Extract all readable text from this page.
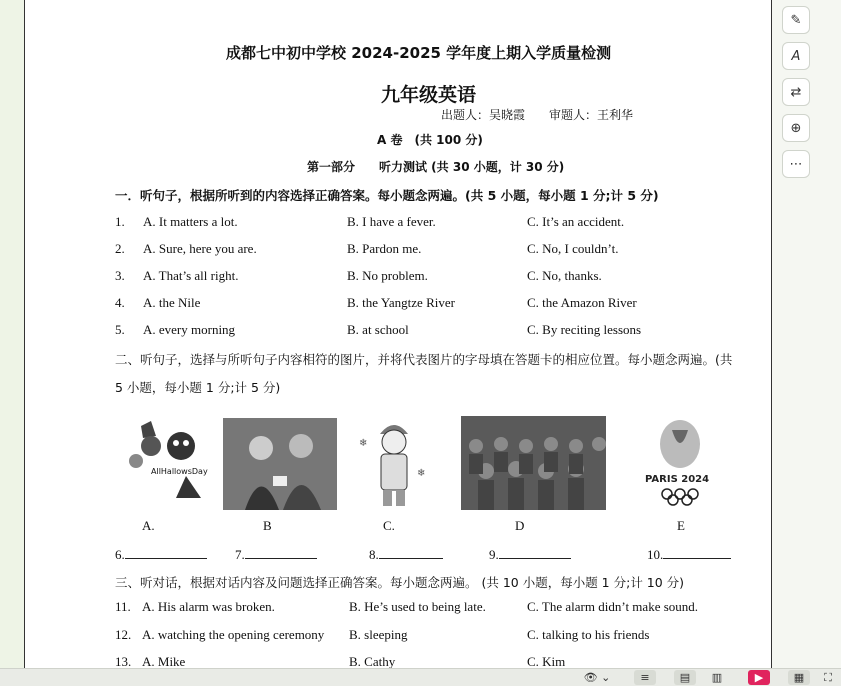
成都七中初中学校 2024-2025 学年度上期入学质量检测
九年级英语
出题人：吴晓霞　　审题人：王利华
A 卷　(共 100 分)
第一部分　　听力测试 (共 30 小题，计 30 分)
一．听句子，根据所听到的内容选择正确答案。每小题念两遍。(共 5 小题，每小题 1 分;计 5 分)
1. A. It matters a lot.	B. I have a fever.	C. It’s an accident.
2. A. Sure, here you are.	B. Pardon me.	C. No, I couldn’t.
3. A. That’s all right.	B. No problem.	C. No, thanks.
4. A. the Nile	B. the Yangtze River	C. the Amazon River
5. A. every morning	B. at school	C. By reciting lessons
二、听句子，选择与所听句子内容相符的图片，并将代表图片的字母填在答题卡的相应位置。每小题念两遍。(共
5 小题，每小题 1 分;计 5 分)
AllHallowsDay
❄
❄
PARIS 2024
A.	B	C.	D	E
6.	7.	8.	9.	10.
三、听对话，根据对话内容及问题选择正确答案。每小题念两遍。 (共 10 小题，每小题 1 分;计 10 分)
11. A. His alarm was broken.	B. He’s used to being late.	C. The alarm didn’t make sound.
12. A. watching the opening ceremony B. sleeping	C. talking to his friends
13. A. Mike	B. Cathy	C. Kim
✎
A
⇄
⊕
⋯
👁 ⌄	≡	▤	▥	▶	▦	⛶
